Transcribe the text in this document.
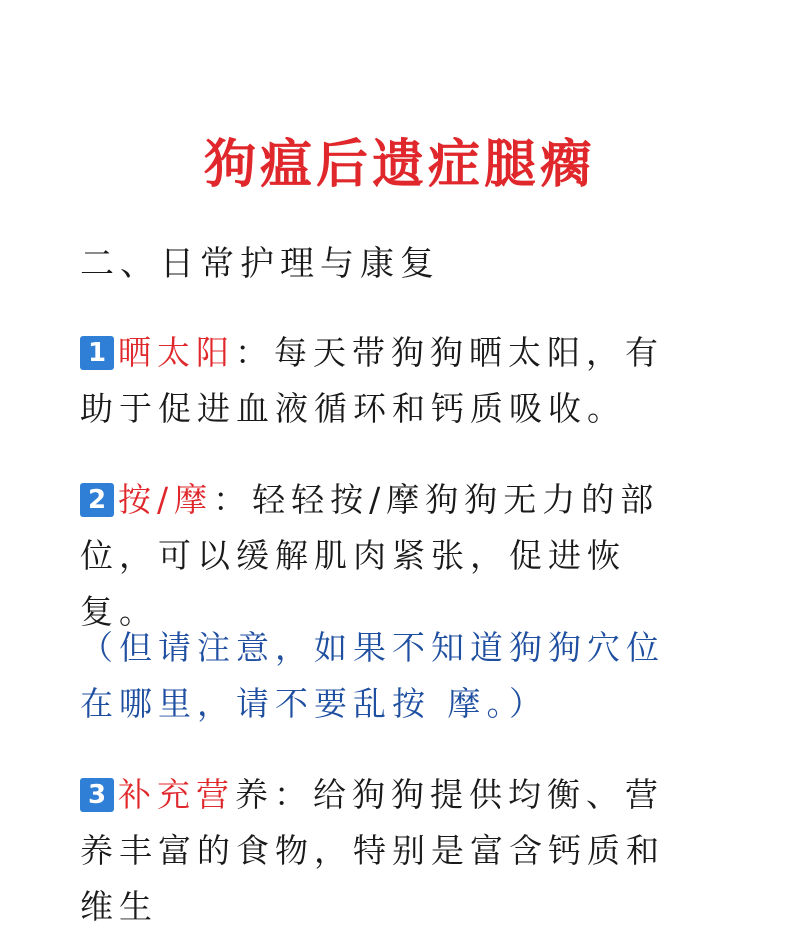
狗瘟后遗症腿瘸
二、日常护理与康复
1 晒太阳：每天带狗狗晒太阳，有助于促进血液循环和钙质吸收。
2 按/摩：轻轻按/摩狗狗无力的部位，可以缓解肌肉紧张，促进恢复。
（但请注意，如果不知道狗狗穴位在哪里，请不要乱按 摩。）
3 补充营养：给狗狗提供均衡、营养丰富的食物，特别是富含钙质和维生
